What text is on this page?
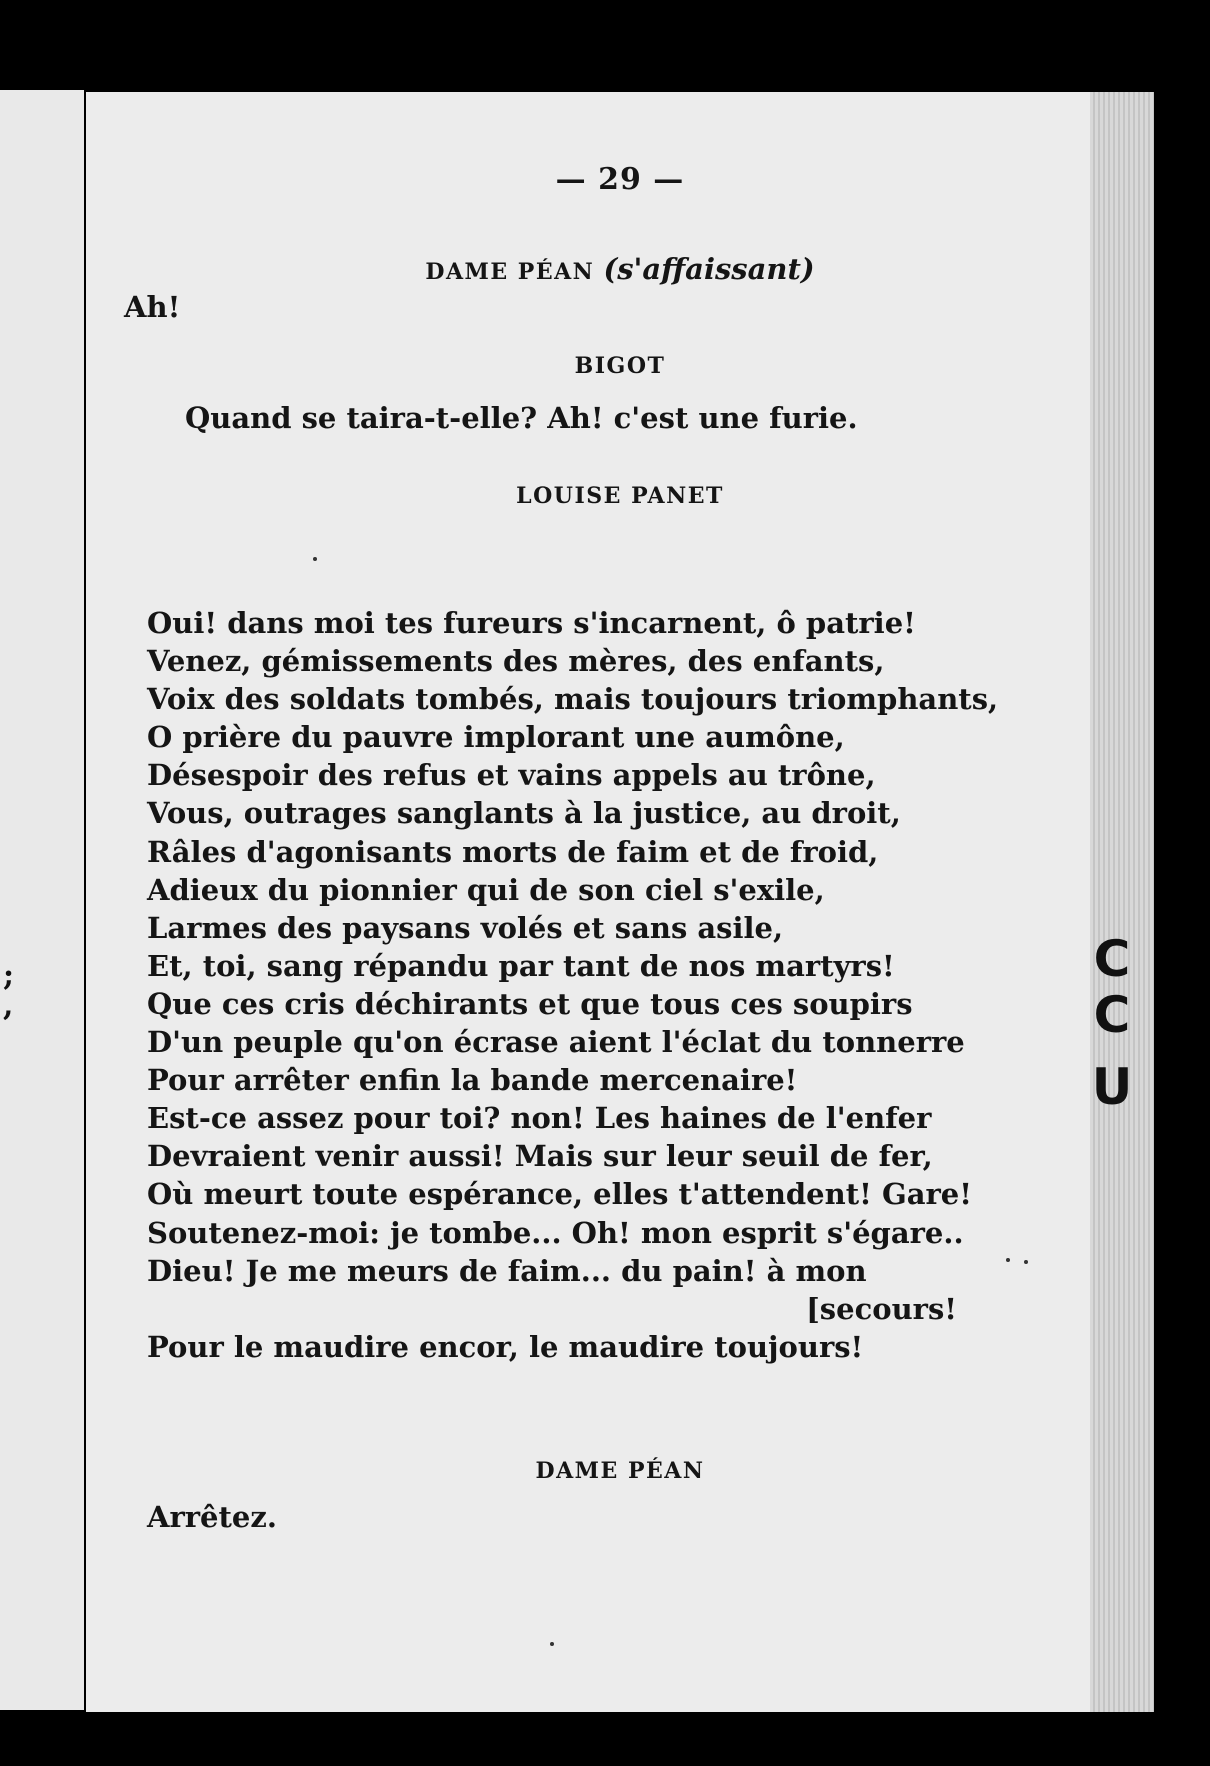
;
,
— 29 —
DAME PÉAN (s'affaissant)
Ah!
BIGOT
Quand se taira-t-elle? Ah! c'est une furie.
LOUISE PANET
Oui! dans moi tes fureurs s'incarnent, ô patrie!
Venez, gémissements des mères, des enfants,
Voix des soldats tombés, mais toujours triomphants,
O prière du pauvre implorant une aumône,
Désespoir des refus et vains appels au trône,
Vous, outrages sanglants à la justice, au droit,
Râles d'agonisants morts de faim et de froid,
Adieux du pionnier qui de son ciel s'exile,
Larmes des paysans volés et sans asile,
Et, toi, sang répandu par tant de nos martyrs!
Que ces cris déchirants et que tous ces soupirs
D'un peuple qu'on écrase aient l'éclat du tonnerre
Pour arrêter enfin la bande mercenaire!
Est-ce assez pour toi? non! Les haines de l'enfer
Devraient venir aussi! Mais sur leur seuil de fer,
Où meurt toute espérance, elles t'attendent! Gare!
Soutenez-moi: je tombe... Oh! mon esprit s'égare..
Dieu! Je me meurs de faim... du pain! à mon
[secours!
Pour le maudire encor, le maudire toujours!
DAME PÉAN
Arrêtez.
C
C
U
